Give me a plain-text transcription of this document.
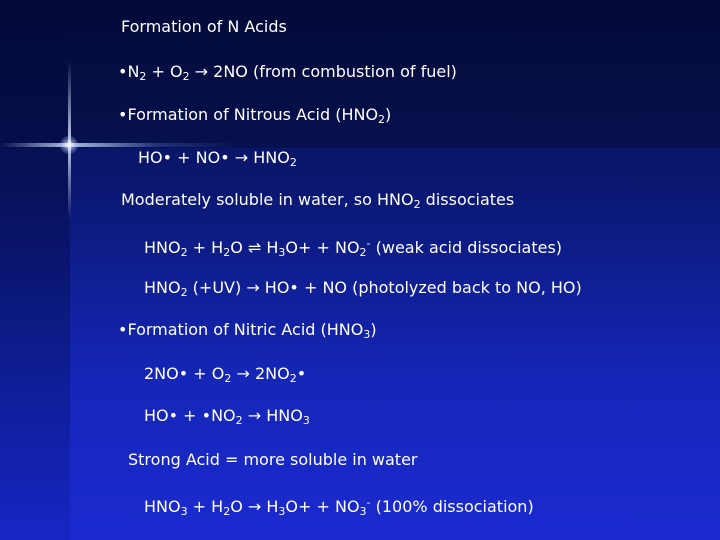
Formation of N Acids

$•N_2 + O_2 \to 2NO$ (from combustion of fuel)

•Formation of Nitrous Acid $(HNO_2)$

HO• + NO• → $HNO_2$

Moderately soluble in water, so $HNO_2$ dissociates

$HNO_2 + H_2O$ ⇌ $H_3O+ + NO_2^-$ (weak acid dissociates)

$HNO_2$ (+UV) → HO• + NO (photolyzed back to NO, HO)

•Formation of Nitric Acid $(HNO_3)$

2NO• + $O_2$ → $2NO_2•$

HO• + $•NO_2 \to HNO_3$

Strong Acid = more soluble in water

$HNO_3 + H_2O \to H_3O+ + NO_3^-$ (100% dissociation)
